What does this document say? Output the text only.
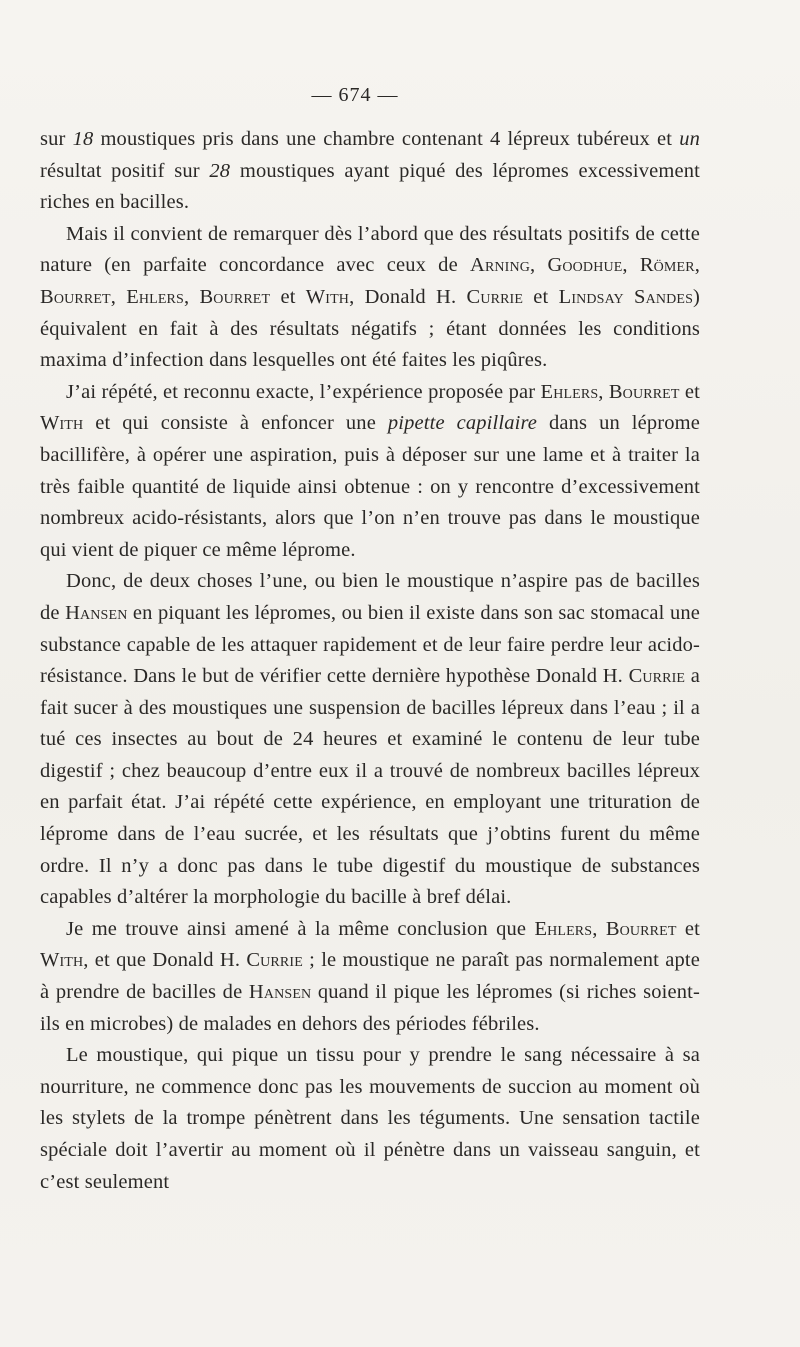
— 674 —

sur 18 moustiques pris dans une chambre contenant 4 lépreux tubéreux et un résultat positif sur 28 moustiques ayant piqué des lépromes excessivement riches en bacilles.

Mais il convient de remarquer dès l’abord que des résultats positifs de cette nature (en parfaite concordance avec ceux de Arning, Goodhue, Römer, Bourret, Ehlers, Bourret et With, Donald H. Currie et Lindsay Sandes) équivalent en fait à des résultats négatifs ; étant données les conditions maxima d’infection dans lesquelles ont été faites les piqûres.

J’ai répété, et reconnu exacte, l’expérience proposée par Ehlers, Bourret et With et qui consiste à enfoncer une pipette capillaire dans un léprome bacillifère, à opérer une aspiration, puis à déposer sur une lame et à traiter la très faible quantité de liquide ainsi obtenue : on y rencontre d’excessivement nombreux acido-résistants, alors que l’on n’en trouve pas dans le moustique qui vient de piquer ce même léprome.

Donc, de deux choses l’une, ou bien le moustique n’aspire pas de bacilles de Hansen en piquant les lépromes, ou bien il existe dans son sac stomacal une substance capable de les attaquer rapidement et de leur faire perdre leur acido-résistance. Dans le but de vérifier cette dernière hypothèse Donald H. Currie a fait sucer à des moustiques une suspension de bacilles lépreux dans l’eau ; il a tué ces insectes au bout de 24 heures et examiné le contenu de leur tube digestif ; chez beaucoup d’entre eux il a trouvé de nombreux bacilles lépreux en parfait état. J’ai répété cette expérience, en employant une trituration de léprome dans de l’eau sucrée, et les résultats que j’obtins furent du même ordre. Il n’y a donc pas dans le tube digestif du moustique de substances capables d’altérer la morphologie du bacille à bref délai.

Je me trouve ainsi amené à la même conclusion que Ehlers, Bourret et With, et que Donald H. Currie ; le moustique ne paraît pas normalement apte à prendre de bacilles de Hansen quand il pique les lépromes (si riches soient-ils en microbes) de malades en dehors des périodes fébriles.

Le moustique, qui pique un tissu pour y prendre le sang nécessaire à sa nourriture, ne commence donc pas les mouvements de succion au moment où les stylets de la trompe pénètrent dans les téguments. Une sensation tactile spéciale doit l’avertir au moment où il pénètre dans un vaisseau sanguin, et c’est seulement
